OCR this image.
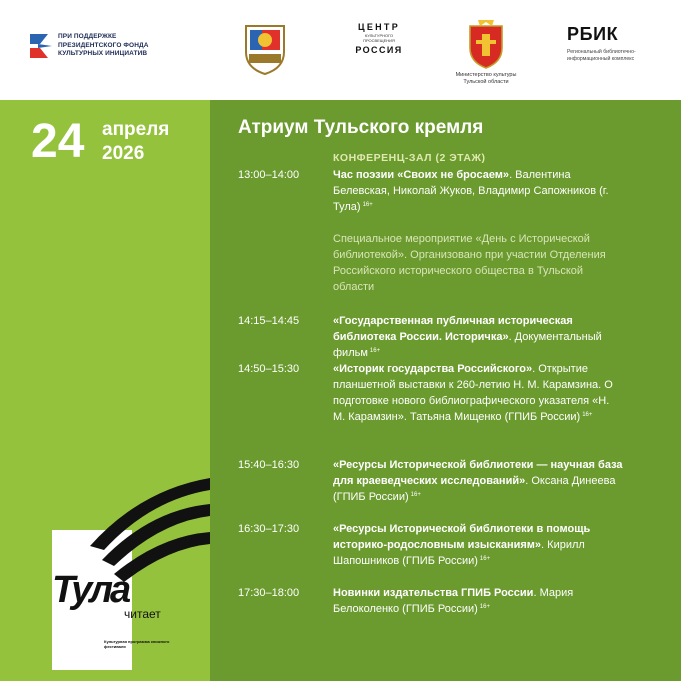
ПРИ ПОДДЕРЖКЕ
ПРЕЗИДЕНТСКОГО ФОНДА
КУЛЬТУРНЫХ ИНИЦИАТИВ
ЦЕНТР
КУЛЬТУРНОГО
ПРОСВЕЩЕНИЯ
РОССИЯ
Министерство культуры
Тульской области
РБИК
Региональный библиотечно-
информационный комплекс
24 апреля
2026
Тула
читает
Культурная программа книжного фестиваля
Атриум Тульского кремля
КОНФЕРЕНЦ-ЗАЛ (2 ЭТАЖ)
13:00–14:00	Час поэзии «Своих не бросаем». Валентина Белевская, Николай Жуков, Владимир Сапожников (г. Тула) $^{16+}$
Специальное мероприятие «День с Исторической библиотекой». Организовано при участии Отделения Российского исторического общества в Тульской области
14:15–14:45	«Государственная публичная историческая библиотека России. Историчка». Документальный фильм $^{16+}$
14:50–15:30	«Историк государства Российского». Открытие планшетной выставки к 260-летию Н. М. Карамзина. О подготовке нового библиографического указателя «Н. М. Карамзин». Татьяна Мищенко (ГПИБ России) $^{16+}$
15:40–16:30	«Ресурсы Исторической библиотеки — научная база для краеведческих исследований». Оксана Динеева (ГПИБ России) $^{16+}$
16:30–17:30	«Ресурсы Исторической библиотеки в помощь историко-родословным изысканиям». Кирилл Шапошников (ГПИБ России) $^{16+}$
17:30–18:00	Новинки издательства ГПИБ России. Мария Белоколенко (ГПИБ России) $^{16+}$
